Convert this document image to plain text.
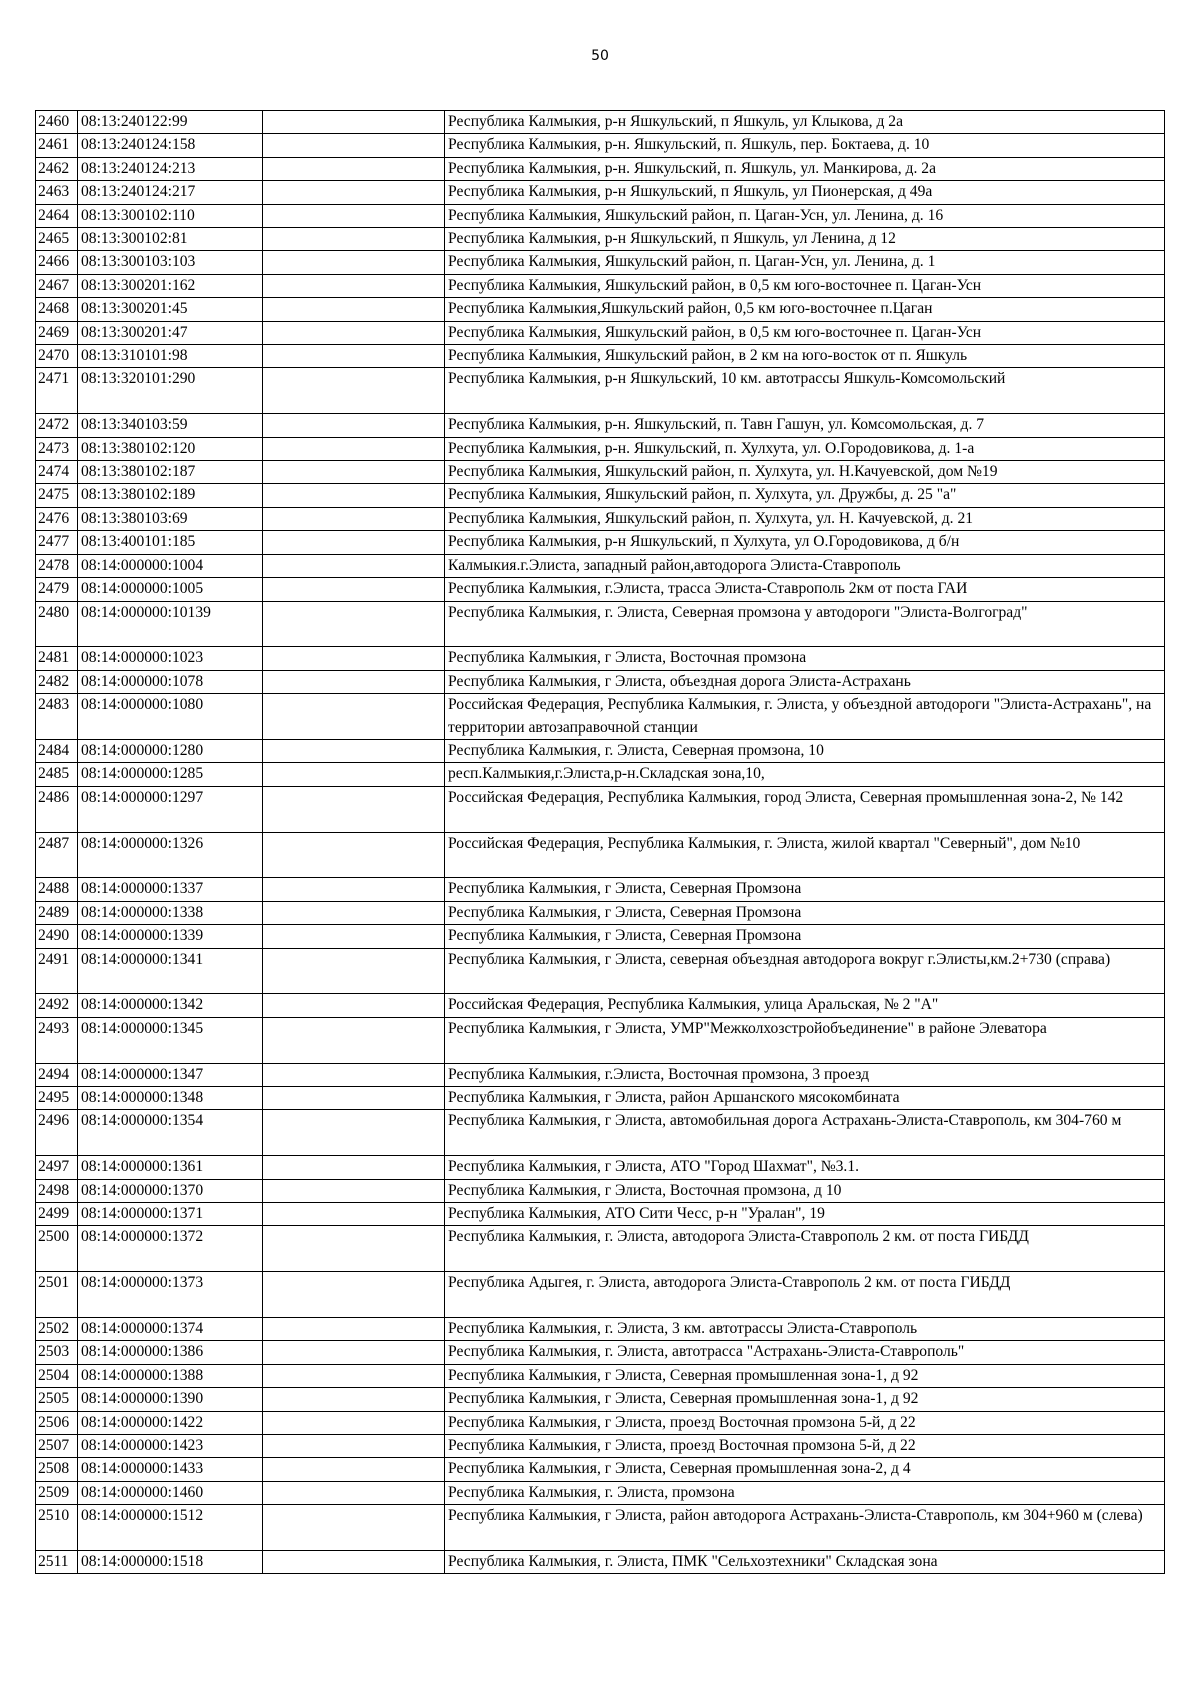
50
2460	08:13:240122:99		Республика Калмыкия, р-н Яшкульский, п Яшкуль, ул Клыкова, д 2а
2461	08:13:240124:158		Республика Калмыкия, р-н. Яшкульский, п. Яшкуль, пер. Боктаева, д. 10
2462	08:13:240124:213		Республика Калмыкия, р-н. Яшкульский, п. Яшкуль, ул. Манкирова, д. 2а
2463	08:13:240124:217		Республика Калмыкия, р-н Яшкульский, п Яшкуль, ул Пионерская, д 49а
2464	08:13:300102:110		Республика Калмыкия, Яшкульский район, п. Цаган-Усн, ул. Ленина, д. 16
2465	08:13:300102:81		Республика Калмыкия, р-н Яшкульский, п Яшкуль, ул Ленина, д 12
2466	08:13:300103:103		Республика Калмыкия, Яшкульский район, п. Цаган-Усн, ул. Ленина, д. 1
2467	08:13:300201:162		Республика Калмыкия, Яшкульский район, в 0,5 км юго-восточнее п. Цаган-Усн
2468	08:13:300201:45		Республика Калмыкия,Яшкульский район, 0,5 км юго-восточнее п.Цаган
2469	08:13:300201:47		Республика Калмыкия, Яшкульский район, в 0,5 км юго-восточнее п. Цаган-Усн
2470	08:13:310101:98		Республика Калмыкия, Яшкульский район, в 2 км на юго-восток от п. Яшкуль
2471	08:13:320101:290		Республика Калмыкия, р-н Яшкульский, 10 км. автотрассы Яшкуль-Комсомольский
2472	08:13:340103:59		Республика Калмыкия, р-н. Яшкульский, п. Тавн Гашун, ул. Комсомольская, д. 7
2473	08:13:380102:120		Республика Калмыкия, р-н. Яшкульский, п. Хулхута, ул. О.Городовикова, д. 1-а
2474	08:13:380102:187		Республика Калмыкия, Яшкульский район, п. Хулхута, ул. Н.Качуевской, дом №19
2475	08:13:380102:189		Республика Калмыкия, Яшкульский район, п. Хулхута, ул. Дружбы, д. 25 "а"
2476	08:13:380103:69		Республика Калмыкия, Яшкульский район, п. Хулхута, ул. Н. Качуевской, д. 21
2477	08:13:400101:185		Республика Калмыкия, р-н Яшкульский, п Хулхута, ул О.Городовикова, д б/н
2478	08:14:000000:1004		Калмыкия.г.Элиста, западный район,автодорога Элиста-Ставрополь
2479	08:14:000000:1005		Республика Калмыкия, г.Элиста, трасса Элиста-Ставрополь 2км от поста ГАИ
2480	08:14:000000:10139		Республика Калмыкия, г. Элиста, Северная промзона у автодороги "Элиста-Волгоград"
2481	08:14:000000:1023		Республика Калмыкия, г Элиста, Восточная промзона
2482	08:14:000000:1078		Республика Калмыкия, г Элиста, объездная дорога Элиста-Астрахань
2483	08:14:000000:1080		Российская Федерация, Республика Калмыкия, г. Элиста, у объездной автодороги "Элиста-Астрахань", на территории автозаправочной станции
2484	08:14:000000:1280		Республика Калмыкия, г. Элиста, Северная промзона, 10
2485	08:14:000000:1285		респ.Калмыкия,г.Элиста,р-н.Складская зона,10,
2486	08:14:000000:1297		Российская Федерация, Республика Калмыкия, город Элиста, Северная промышленная зона-2, № 142
2487	08:14:000000:1326		Российская Федерация, Республика Калмыкия, г. Элиста, жилой квартал "Северный", дом №10
2488	08:14:000000:1337		Республика Калмыкия, г Элиста, Северная Промзона
2489	08:14:000000:1338		Республика Калмыкия, г Элиста, Северная Промзона
2490	08:14:000000:1339		Республика Калмыкия, г Элиста, Северная Промзона
2491	08:14:000000:1341		Республика Калмыкия, г Элиста, северная объездная автодорога вокруг г.Элисты,км.2+730 (справа)
2492	08:14:000000:1342		Российская Федерация, Республика Калмыкия, улица Аральская, № 2 "А"
2493	08:14:000000:1345		Республика Калмыкия, г Элиста, УМР"Межколхозстройобъединение" в районе Элеватора
2494	08:14:000000:1347		Республика Калмыкия, г.Элиста, Восточная промзона, 3 проезд
2495	08:14:000000:1348		Республика Калмыкия, г Элиста, район Аршанского мясокомбината
2496	08:14:000000:1354		Республика Калмыкия, г Элиста, автомобильная дорога Астрахань-Элиста-Ставрополь, км 304-760 м
2497	08:14:000000:1361		Республика Калмыкия, г Элиста, АТО "Город Шахмат", №3.1.
2498	08:14:000000:1370		Республика Калмыкия, г Элиста, Восточная промзона, д 10
2499	08:14:000000:1371		Республика Калмыкия, АТО Сити Чесс, р-н "Уралан", 19
2500	08:14:000000:1372		Республика Калмыкия, г. Элиста, автодорога Элиста-Ставрополь 2 км. от поста ГИБДД
2501	08:14:000000:1373		Республика Адыгея, г. Элиста, автодорога Элиста-Ставрополь 2 км. от поста ГИБДД
2502	08:14:000000:1374		Республика Калмыкия, г. Элиста, 3 км. автотрассы Элиста-Ставрополь
2503	08:14:000000:1386		Республика Калмыкия, г. Элиста, автотрасса "Астрахань-Элиста-Ставрополь"
2504	08:14:000000:1388		Республика Калмыкия, г Элиста, Северная промышленная зона-1, д 92
2505	08:14:000000:1390		Республика Калмыкия, г Элиста, Северная промышленная зона-1, д 92
2506	08:14:000000:1422		Республика Калмыкия, г Элиста, проезд Восточная промзона 5-й, д 22
2507	08:14:000000:1423		Республика Калмыкия, г Элиста, проезд Восточная промзона 5-й, д 22
2508	08:14:000000:1433		Республика Калмыкия, г Элиста, Северная промышленная зона-2, д 4
2509	08:14:000000:1460		Республика Калмыкия, г. Элиста, промзона
2510	08:14:000000:1512		Республика Калмыкия, г Элиста, район автодорога Астрахань-Элиста-Ставрополь, км 304+960 м (слева)
2511	08:14:000000:1518		Республика Калмыкия, г. Элиста, ПМК "Сельхозтехники" Складская зона
